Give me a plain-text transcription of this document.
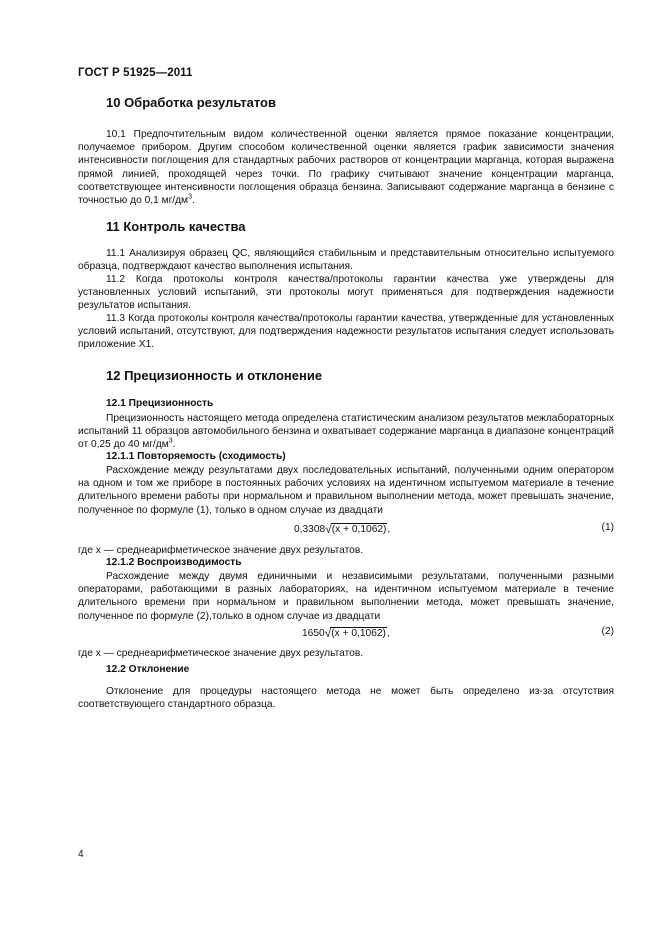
ГОСТ Р 51925—2011
10 Обработка результатов
10.1 Предпочтительным видом количественной оценки является прямое показание концентрации, получаемое прибором. Другим способом количественной оценки является график зависимости значения интенсивности поглощения для стандартных рабочих растворов от концентрации марганца, которая выражена прямой линией, проходящей через точки. По графику считывают значение концентрации марганца, соответствующее интенсивности поглощения образца бензина. Записывают содержание марганца в бензине с точностью до 0,1 $мг/дм^3$.
11 Контроль качества
11.1 Анализируя образец QC, являющийся стабильным и представительным относительно испытуемого образца, подтверждают качество выполнения испытания.
11.2 Когда протоколы контроля качества/протоколы гарантии качества уже утверждены для установленных условий испытаний, эти протоколы могут применяться для подтверждения надежности результатов испытания.
11.3 Когда протоколы контроля качества/протоколы гарантии качества, утвержденные для установленных условий испытаний, отсутствуют, для подтверждения надежности результатов испытания следует использовать приложение Х1.
12 Прецизионность и отклонение
12.1 Прецизионность
Прецизионность настоящего метода определена статистическим анализом результатов межлабораторных испытаний 11 образцов автомобильного бензина и охватывает содержание марганца в диапазоне концентраций от 0,25 до 40 $мг/дм^3$.
12.1.1 Повторяемость (сходимость)
Расхождение между результатами двух последовательных испытаний, полученными одним оператором на одном и том же приборе в постоянных рабочих условиях на идентичном испытуемом материале в течение длительного времени работы при нормальном и правильном выполнении метода, может превышать значение, полученное по формуле (1), только в одном случае из двадцати
0,3308√(x + 0,1062),	(1)
где x — среднеарифметическое значение двух результатов.
12.1.2 Воспроизводимость
Расхождение между двумя единичными и независимыми результатами, полученными разными операторами, работающими в разных лабораториях, на идентичном испытуемом материале в течение длительного времени при нормальном и правильном выполнении метода, может превышать значение, полученное по формуле (2),только в одном случае из двадцати
1650√(x + 0,1062),	(2)
где x — среднеарифметическое значение двух результатов.
12.2 Отклонение
Отклонение для процедуры настоящего метода не может быть определено из-за отсутствия соответствующего стандартного образца.
4
